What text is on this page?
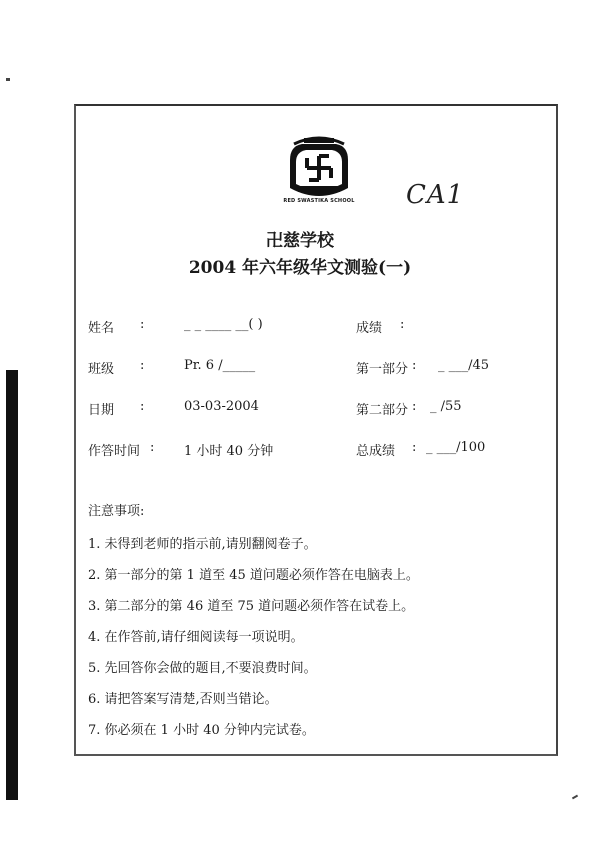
RED SWASTIKA SCHOOL	CA1
卍慈学校
2004 年六年级华文测验(一)
姓名 :	_ _ ____ __( )
班级 :	Pr. 6 /_____
日期 :	03-03-2004
作答时间 : 1 小时 40 分钟
成绩 :
第一部分 : _ ___/45
第二部分 : _ /55
总成绩 : _ ___/100
注意事项:
1. 未得到老师的指示前,请别翻阅卷子。
2. 第一部分的第 1 道至 45 道问题必须作答在电脑表上。
3. 第二部分的第 46 道至 75 道问题必须作答在试卷上。
4. 在作答前,请仔细阅读每一项说明。
5. 先回答你会做的题目,不要浪费时间。
6. 请把答案写清楚,否则当错论。
7. 你必须在 1 小时 40 分钟内完试卷。
